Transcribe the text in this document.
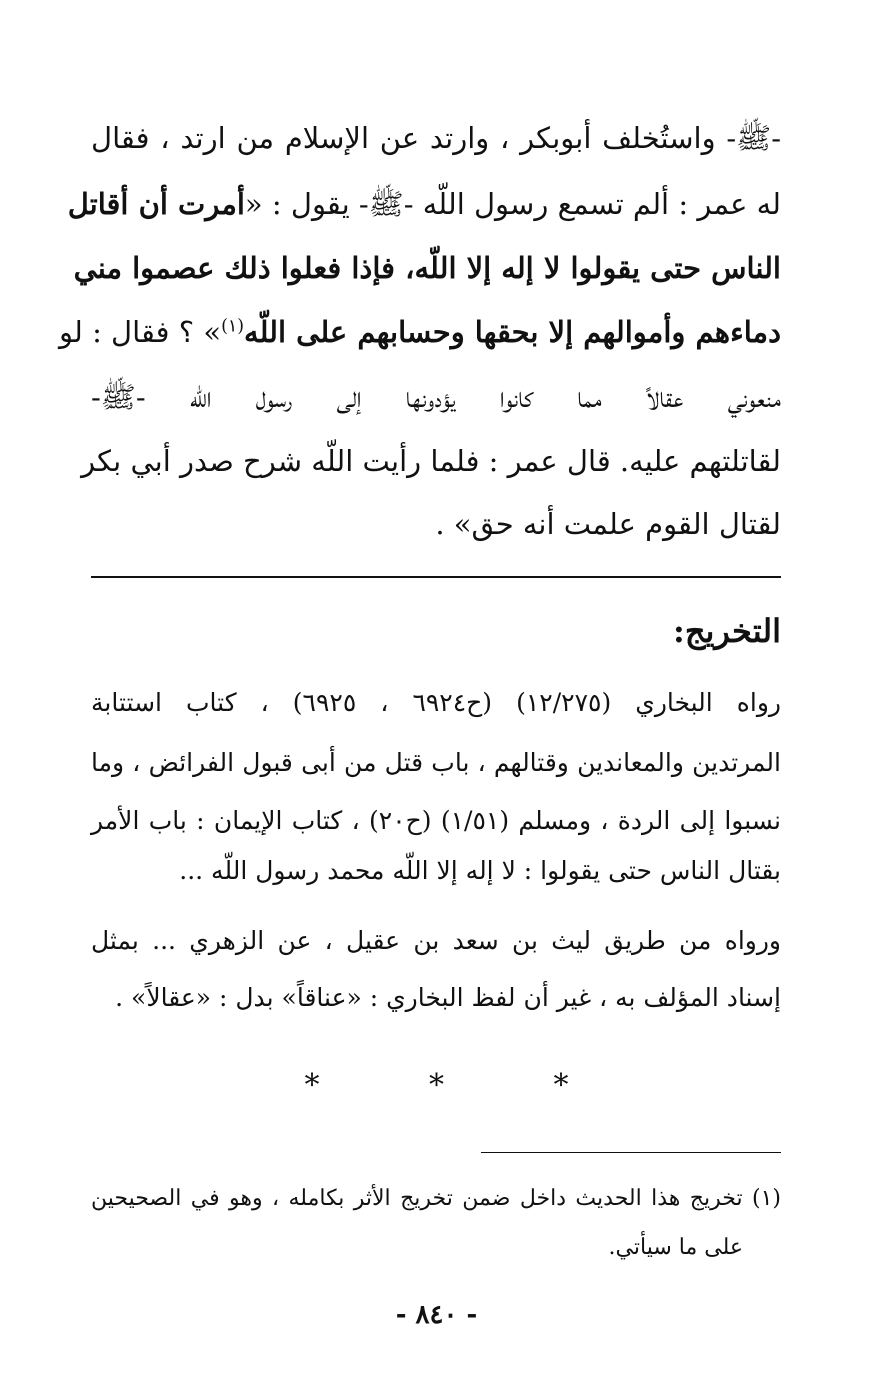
-ﷺ- واستُخلف أبوبكر ، وارتد عن الإسلام من ارتد ، فقال
له عمر : ألم تسمع رسول اللّه -ﷺ- يقول : «أمرت أن أقاتل
الناس حتى يقولوا لا إله إلا اللّه، فإذا فعلوا ذلك عصموا مني
دماءهم وأموالهم إلا بحقها وحسابهم على اللّه$^{(١)}$» ؟ فقال : لو
منعوني عقالاً مما كانوا يؤدونها إلى رسول اللّه -ﷺ-
لقاتلتهم عليه. قال عمر : فلما رأيت اللّه شرح صدر أبي بكر
لقتال القوم علمت أنه حق» .
التخريج:
رواه البخاري (١٢/٢٧٥) (ح٦٩٢٤ ، ٦٩٢٥) ، كتاب استتابة
المرتدين والمعاندين وقتالهم ، باب قتل من أبى قبول الفرائض ، وما
نسبوا إلى الردة ، ومسلم (١/٥١) (ح٢٠) ، كتاب الإيمان : باب الأمر
بقتال الناس حتى يقولوا : لا إله إلا اللّه محمد رسول اللّه ...
ورواه من طريق ليث بن سعد بن عقيل ، عن الزهري ... بمثل
إسناد المؤلف به ، غير أن لفظ البخاري : «عناقاً» بدل : «عقالاً» .
* * *
(١) تخريج هذا الحديث داخل ضمن تخريج الأثر بكامله ، وهو في الصحيحين
على ما سيأتي.
- ٨٤٠ -
